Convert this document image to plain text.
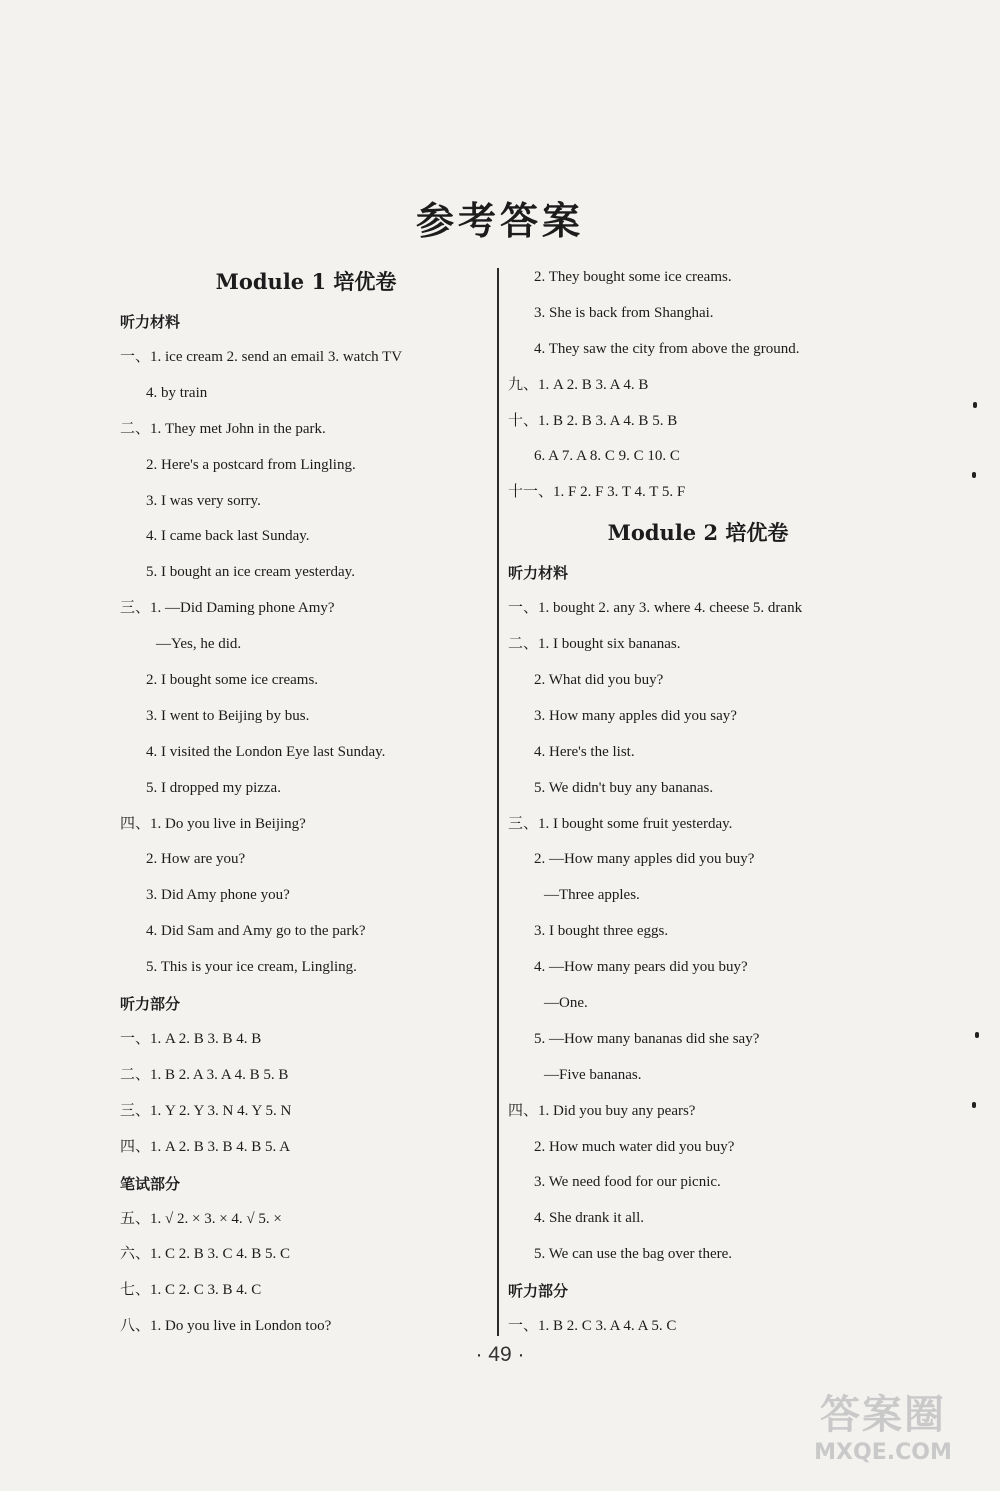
参考答案
Module 1 培优卷
听力材料
一、1. ice cream 2. send an email 3. watch TV
4. by train
二、1. They met John in the park.
2. Here's a postcard from Lingling.
3. I was very sorry.
4. I came back last Sunday.
5. I bought an ice cream yesterday.
三、1. —Did Daming phone Amy?
—Yes, he did.
2. I bought some ice creams.
3. I went to Beijing by bus.
4. I visited the London Eye last Sunday.
5. I dropped my pizza.
四、1. Do you live in Beijing?
2. How are you?
3. Did Amy phone you?
4. Did Sam and Amy go to the park?
5. This is your ice cream, Lingling.
听力部分
一、1. A 2. B 3. B 4. B
二、1. B 2. A 3. A 4. B 5. B
三、1. Y 2. Y 3. N 4. Y 5. N
四、1. A 2. B 3. B 4. B 5. A
笔试部分
五、1. √ 2. × 3. × 4. √ 5. ×
六、1. C 2. B 3. C 4. B 5. C
七、1. C 2. C 3. B 4. C
八、1. Do you live in London too?
2. They bought some ice creams.
3. She is back from Shanghai.
4. They saw the city from above the ground.
九、1. A 2. B 3. A 4. B
十、1. B 2. B 3. A 4. B 5. B
6. A 7. A 8. C 9. C 10. C
十一、1. F 2. F 3. T 4. T 5. F
Module 2 培优卷
听力材料
一、1. bought 2. any 3. where 4. cheese 5. drank
二、1. I bought six bananas.
2. What did you buy?
3. How many apples did you say?
4. Here's the list.
5. We didn't buy any bananas.
三、1. I bought some fruit yesterday.
2. —How many apples did you buy?
—Three apples.
3. I bought three eggs.
4. —How many pears did you buy?
—One.
5. —How many bananas did she say?
—Five bananas.
四、1. Did you buy any pears?
2. How much water did you buy?
3. We need food for our picnic.
4. She drank it all.
5. We can use the bag over there.
听力部分
一、1. B 2. C 3. A 4. A 5. C
· 49 ·
答案圈
MXQE.COM
